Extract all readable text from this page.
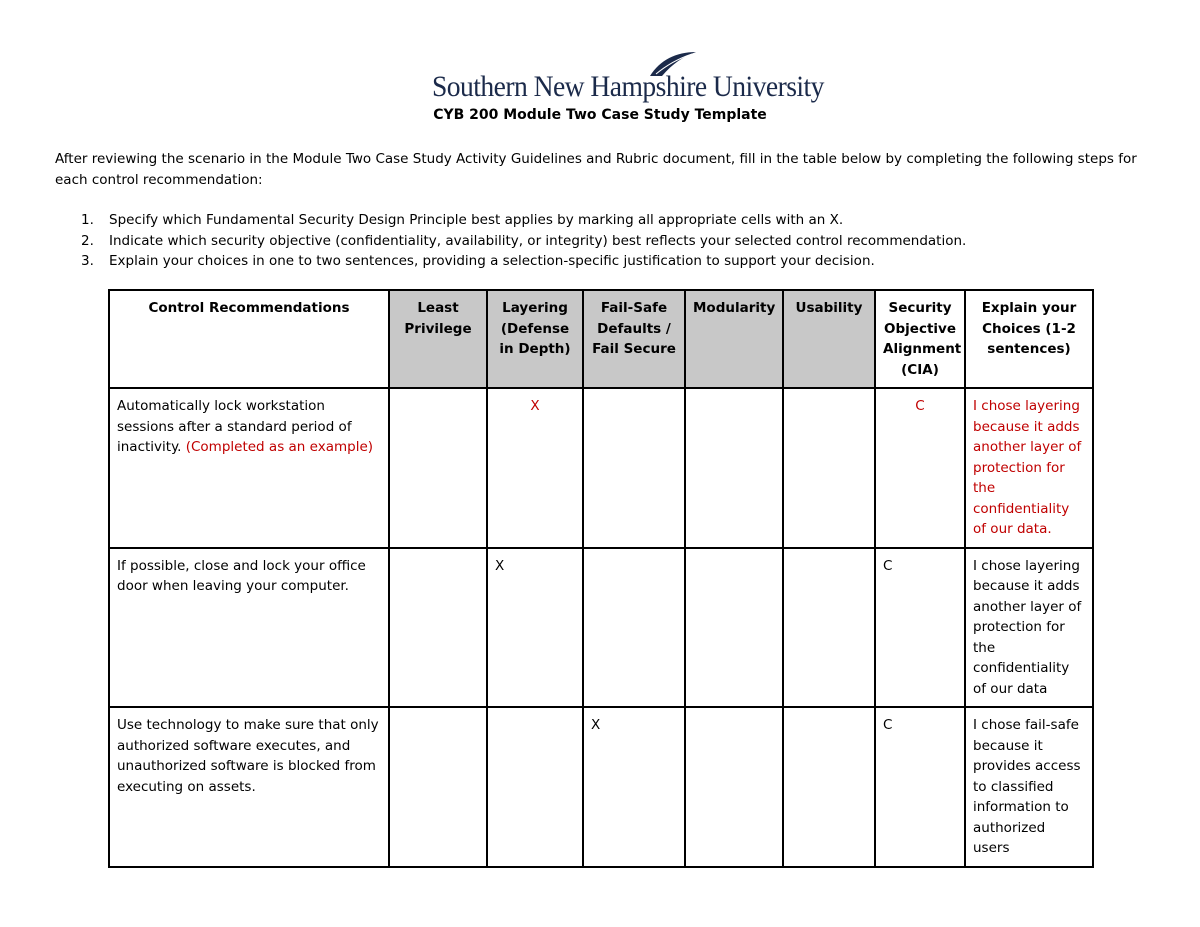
Southern New Hampshire University
CYB 200 Module Two Case Study Template
After reviewing the scenario in the Module Two Case Study Activity Guidelines and Rubric document, fill in the table below by completing the following steps for each control recommendation:
1. Specify which Fundamental Security Design Principle best applies by marking all appropriate cells with an X.
2. Indicate which security objective (confidentiality, availability, or integrity) best reflects your selected control recommendation.
3. Explain your choices in one to two sentences, providing a selection-specific justification to support your decision.
Control Recommendations	Least Privilege	Layering (Defense in Depth)	Fail-Safe Defaults / Fail Secure	Modularity	Usability	Security Objective Alignment (CIA)	Explain your Choices (1-2 sentences)
Automatically lock workstation sessions after a standard period of inactivity. (Completed as an example)		X				C	I chose layering because it adds another layer of protection for the confidentiality of our data.
If possible, close and lock your office door when leaving your computer.		X				C	I chose layering because it adds another layer of protection for the confidentiality of our data
Use technology to make sure that only authorized software executes, and unauthorized software is blocked from executing on assets.			X			C	I chose fail-safe because it provides access to classified information to authorized users
